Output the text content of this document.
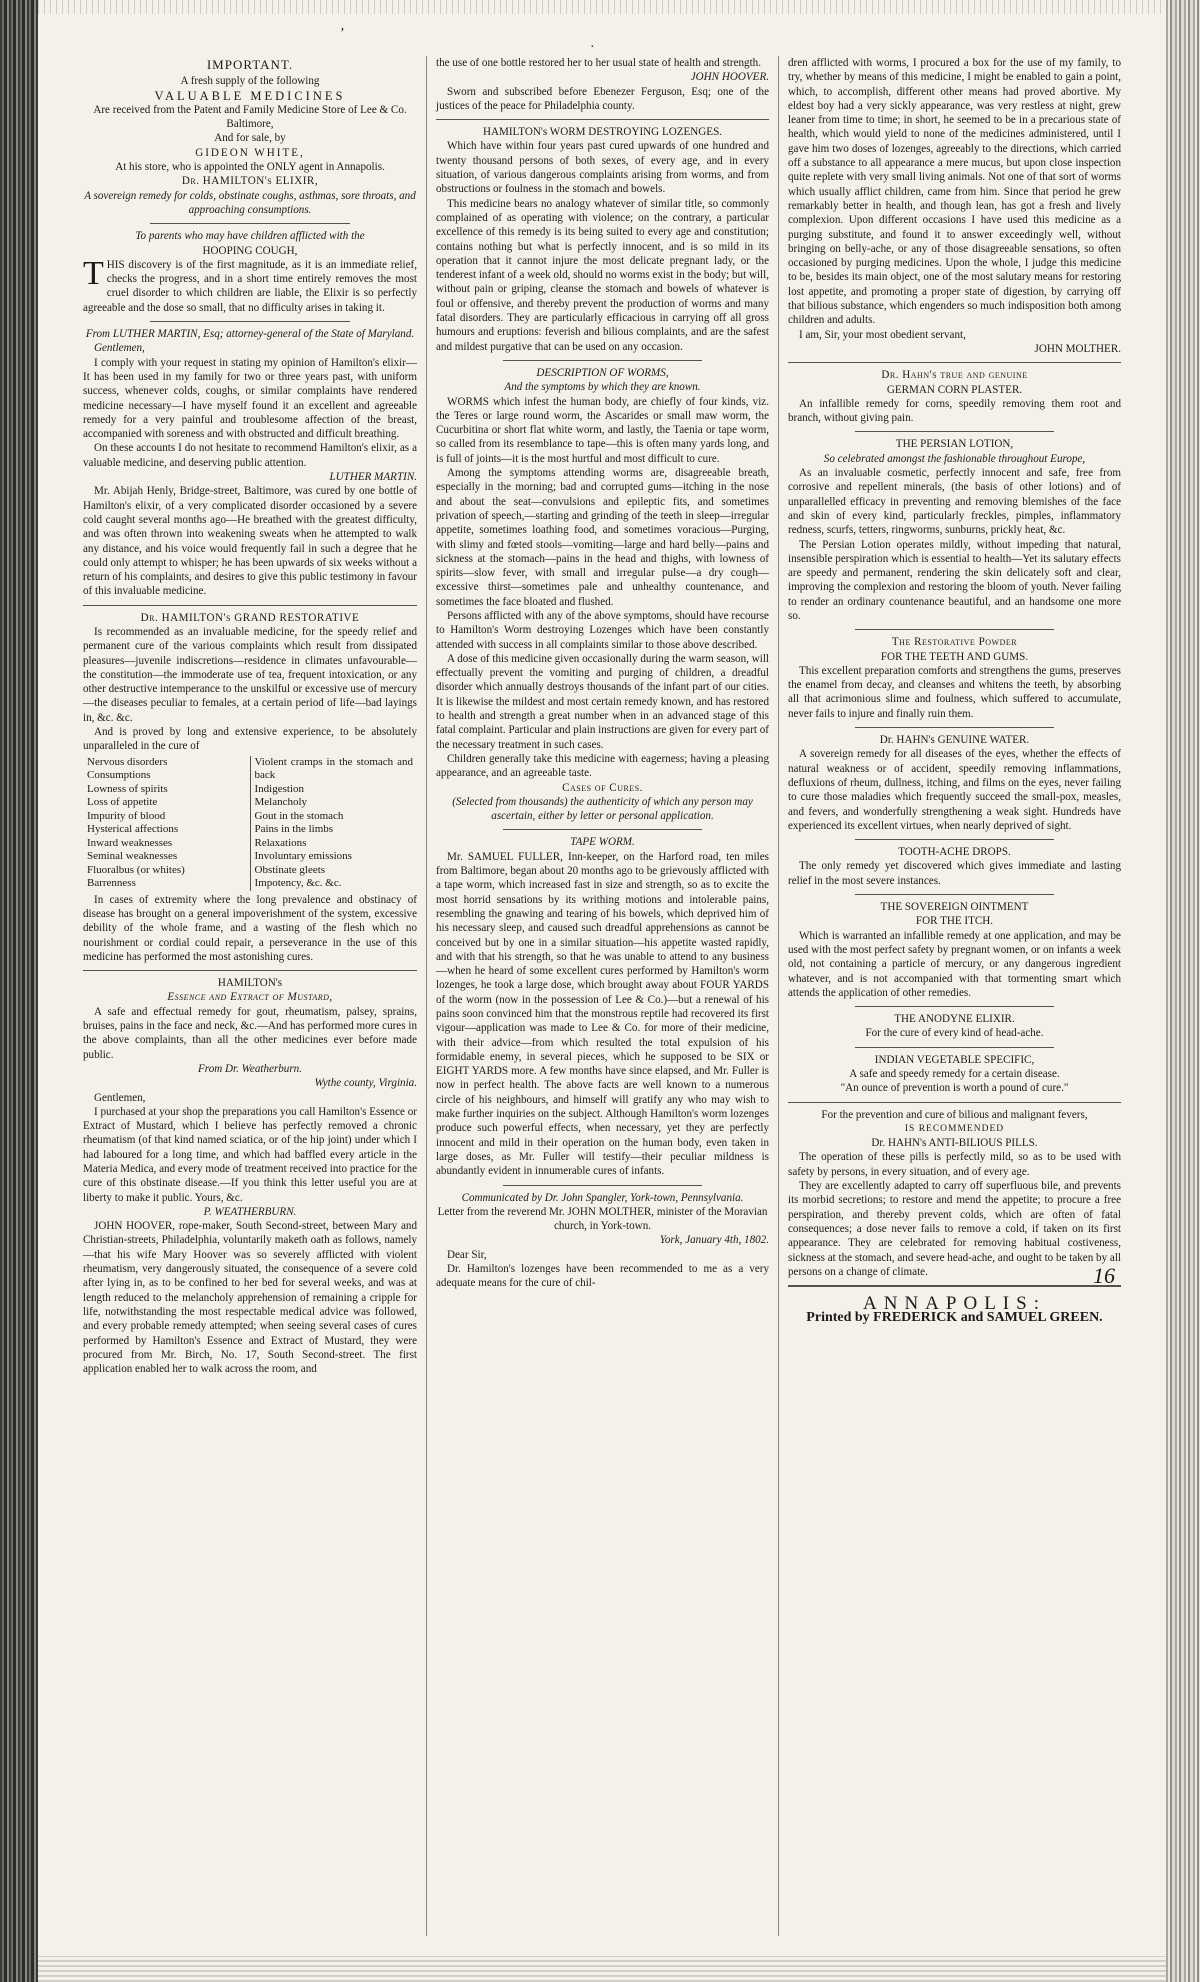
ʼ
·
IMPORTANT.

A fresh supply of the following

VALUABLE MEDICINES

Are received from the Patent and Family Medicine Store of Lee & Co. Baltimore,

And for sale, by

GIDEON WHITE,

At his store, who is appointed the ONLY agent in Annapolis.

Dr. HAMILTON's ELIXIR,

A sovereign remedy for colds, obstinate coughs, asthmas, sore throats, and approaching consumptions.

To parents who may have children afflicted with the

HOOPING COUGH,

THIS discovery is of the first magnitude, as it is an immediate relief, checks the progress, and in a short time entirely removes the most cruel disorder to which children are liable, the Elixir is so perfectly agreeable and the dose so small, that no difficulty arises in taking it.

From LUTHER MARTIN, Esq; attorney-general of the State of Maryland.

Gentlemen,

I comply with your request in stating my opinion of Hamilton's elixir—It has been used in my family for two or three years past, with uniform success, whenever colds, coughs, or similar complaints have rendered medicine necessary—I have myself found it an excellent and agreeable remedy for a very painful and troublesome affection of the breast, accompanied with soreness and with obstructed and difficult breathing.

On these accounts I do not hesitate to recommend Hamilton's elixir, as a valuable medicine, and deserving public attention.

LUTHER MARTIN.

Mr. Abijah Henly, Bridge-street, Baltimore, was cured by one bottle of Hamilton's elixir, of a very complicated disorder occasioned by a severe cold caught several months ago—He breathed with the greatest difficulty, and was often thrown into weakening sweats when he attempted to walk any distance, and his voice would frequently fail in such a degree that he could only attempt to whisper; he has been upwards of six weeks without a return of his complaints, and desires to give this public testimony in favour of this invaluable medicine.

Dr. HAMILTON's GRAND RESTORATIVE

Is recommended as an invaluable medicine, for the speedy relief and permanent cure of the various complaints which result from dissipated pleasures—juvenile indiscretions—residence in climates unfavourable—the constitution—the immoderate use of tea, frequent intoxication, or any other destructive intemperance to the unskilful or excessive use of mercury—the diseases peculiar to females, at a certain period of life—bad layings in, &c. &c.

And is proved by long and extensive experience, to be absolutely unparalleled in the cure of

Nervous disorders
Consumptions
Lowness of spirits
Loss of appetite
Impurity of blood
Hysterical affections
Inward weaknesses
Seminal weaknesses
Fluoralbus (or whites)
Barrenness
Violent cramps in the stomach and back
Indigestion
Melancholy
Gout in the stomach
Pains in the limbs
Relaxations
Involuntary emissions
Obstinate gleets
Impotency, &c. &c.

In cases of extremity where the long prevalence and obstinacy of disease has brought on a general impoverishment of the system, excessive debility of the whole frame, and a wasting of the flesh which no nourishment or cordial could repair, a perseverance in the use of this medicine has performed the most astonishing cures.

HAMILTON's

Essence and Extract of Mustard,

A safe and effectual remedy for gout, rheumatism, palsey, sprains, bruises, pains in the face and neck, &c.—And has performed more cures in the above complaints, than all the other medicines ever before made public.

From Dr. Weatherburn.

Wythe county, Virginia.

Gentlemen,

I purchased at your shop the preparations you call Hamilton's Essence or Extract of Mustard, which I believe has perfectly removed a chronic rheumatism (of that kind named sciatica, or of the hip joint) under which I had laboured for a long time, and which had baffled every article in the Materia Medica, and every mode of treatment received into practice for the cure of this obstinate disease.—If you think this letter useful you are at liberty to make it public. Yours, &c.

P. WEATHERBURN.

JOHN HOOVER, rope-maker, South Second-street, between Mary and Christian-streets, Philadelphia, voluntarily maketh oath as follows, namely—that his wife Mary Hoover was so severely afflicted with violent rheumatism, very dangerously situated, the consequence of a severe cold after lying in, as to be confined to her bed for several weeks, and was at length reduced to the melancholy apprehension of remaining a cripple for life, notwithstanding the most respectable medical advice was followed, and every probable remedy attempted; when seeing several cases of cures performed by Hamilton's Essence and Extract of Mustard, they were procured from Mr. Birch, No. 17, South Second-street. The first application enabled her to walk across the room, and

the use of one bottle restored her to her usual state of health and strength.

JOHN HOOVER.

Sworn and subscribed before Ebenezer Ferguson, Esq; one of the justices of the peace for Philadelphia county.

HAMILTON's WORM DESTROYING LOZENGES.

Which have within four years past cured upwards of one hundred and twenty thousand persons of both sexes, of every age, and in every situation, of various dangerous complaints arising from worms, and from obstructions or foulness in the stomach and bowels.

This medicine bears no analogy whatever of similar title, so commonly complained of as operating with violence; on the contrary, a particular excellence of this remedy is its being suited to every age and constitution; contains nothing but what is perfectly innocent, and is so mild in its operation that it cannot injure the most delicate pregnant lady, or the tenderest infant of a week old, should no worms exist in the body; but will, without pain or griping, cleanse the stomach and bowels of whatever is foul or offensive, and thereby prevent the production of worms and many fatal disorders. They are particularly efficacious in carrying off all gross humours and eruptions: feverish and bilious complaints, and are the safest and mildest purgative that can be used on any occasion.

DESCRIPTION OF WORMS,

And the symptoms by which they are known.

WORMS which infest the human body, are chiefly of four kinds, viz. the Teres or large round worm, the Ascarides or small maw worm, the Cucurbitina or short flat white worm, and lastly, the Taenia or tape worm, so called from its resemblance to tape—this is often many yards long, and is full of joints—it is the most hurtful and most difficult to cure.

Among the symptoms attending worms are, disagreeable breath, especially in the morning; bad and corrupted gums—itching in the nose and about the seat—convulsions and epileptic fits, and sometimes privation of speech,—starting and grinding of the teeth in sleep—irregular appetite, sometimes loathing food, and sometimes voracious—Purging, with slimy and fœted stools—vomiting—large and hard belly—pains and sickness at the stomach—pains in the head and thighs, with lowness of spirits—slow fever, with small and irregular pulse—a dry cough—excessive thirst—sometimes pale and unhealthy countenance, and sometimes the face bloated and flushed.

Persons afflicted with any of the above symptoms, should have recourse to Hamilton's Worm destroying Lozenges which have been constantly attended with success in all complaints similar to those above described.

A dose of this medicine given occasionally during the warm season, will effectually prevent the vomiting and purging of children, a dreadful disorder which annually destroys thousands of the infant part of our cities. It is likewise the mildest and most certain remedy known, and has restored to health and strength a great number when in an advanced stage of this fatal complaint. Particular and plain instructions are given for every part of the necessary treatment in such cases.

Children generally take this medicine with eagerness; having a pleasing appearance, and an agreeable taste.

Cases of Cures.

(Selected from thousands) the authenticity of which any person may ascertain, either by letter or personal application.

TAPE WORM.

Mr. SAMUEL FULLER, Inn-keeper, on the Harford road, ten miles from Baltimore, began about 20 months ago to be grievously afflicted with a tape worm, which increased fast in size and strength, so as to excite the most horrid sensations by its writhing motions and intolerable pains, resembling the gnawing and tearing of his bowels, which deprived him of his necessary sleep, and caused such dreadful apprehensions as cannot be conceived but by one in a similar situation—his appetite wasted rapidly, and with that his strength, so that he was unable to attend to any business—when he heard of some excellent cures performed by Hamilton's worm lozenges, he took a large dose, which brought away about FOUR YARDS of the worm (now in the possession of Lee & Co.)—but a renewal of his pains soon convinced him that the monstrous reptile had recovered its first vigour—application was made to Lee & Co. for more of their medicine, with their advice—from which resulted the total expulsion of his formidable enemy, in several pieces, which he supposed to be SIX or EIGHT YARDS more. A few months have since elapsed, and Mr. Fuller is now in perfect health. The above facts are well known to a numerous circle of his neighbours, and himself will gratify any who may wish to make further inquiries on the subject. Although Hamilton's worm lozenges produce such powerful effects, when necessary, yet they are perfectly innocent and mild in their operation on the human body, even taken in large doses, as Mr. Fuller will testify—their peculiar mildness is abundantly evident in innumerable cures of infants.

Communicated by Dr. John Spangler, York-town, Pennsylvania.

Letter from the reverend Mr. JOHN MOLTHER, minister of the Moravian church, in York-town.

York, January 4th, 1802.

Dear Sir,

Dr. Hamilton's lozenges have been recommended to me as a very adequate means for the cure of chil-

dren afflicted with worms, I procured a box for the use of my family, to try, whether by means of this medicine, I might be enabled to gain a point, which, to accomplish, different other means had proved abortive. My eldest boy had a very sickly appearance, was very restless at night, grew leaner from time to time; in short, he seemed to be in a precarious state of health, which would yield to none of the medicines administered, until I gave him two doses of lozenges, agreeably to the directions, which carried off a substance to all appearance a mere mucus, but upon close inspection quite replete with very small living animals. Not one of that sort of worms which usually afflict children, came from him. Since that period he grew remarkably better in health, and though lean, has got a fresh and lively complexion. Upon different occasions I have used this medicine as a purging substitute, and found it to answer exceedingly well, without bringing on belly-ache, or any of those disagreeable sensations, so often occasioned by purging medicines. Upon the whole, I judge this medicine to be, besides its main object, one of the most salutary means for restoring lost appetite, and promoting a proper state of digestion, by carrying off that bilious substance, which engenders so much indisposition both among children and adults.

I am, Sir, your most obedient servant,

JOHN MOLTHER.

Dr. Hahn's true and genuine

GERMAN CORN PLASTER.

An infallible remedy for corns, speedily removing them root and branch, without giving pain.

THE PERSIAN LOTION,

So celebrated amongst the fashionable throughout Europe,

As an invaluable cosmetic, perfectly innocent and safe, free from corrosive and repellent minerals, (the basis of other lotions) and of unparallelled efficacy in preventing and removing blemishes of the face and skin of every kind, particularly freckles, pimples, inflammatory redness, scurfs, tetters, ringworms, sunburns, prickly heat, &c.

The Persian Lotion operates mildly, without impeding that natural, insensible perspiration which is essential to health—Yet its salutary effects are speedy and permanent, rendering the skin delicately soft and clear, improving the complexion and restoring the bloom of youth. Never failing to render an ordinary countenance beautiful, and an handsome one more so.

The Restorative Powder

FOR THE TEETH AND GUMS.

This excellent preparation comforts and strengthens the gums, preserves the enamel from decay, and cleanses and whitens the teeth, by absorbing all that acrimonious slime and foulness, which suffered to accumulate, never fails to injure and finally ruin them.

Dr. HAHN's GENUINE WATER.

A sovereign remedy for all diseases of the eyes, whether the effects of natural weakness or of accident, speedily removing inflammations, defluxions of rheum, dullness, itching, and films on the eyes, never failing to cure those maladies which frequently succeed the small-pox, measles, and fevers, and wonderfully strengthening a weak sight. Hundreds have experienced its excellent virtues, when nearly deprived of sight.

TOOTH-ACHE DROPS.

The only remedy yet discovered which gives immediate and lasting relief in the most severe instances.

THE SOVEREIGN OINTMENT

FOR THE ITCH.

Which is warranted an infallible remedy at one application, and may be used with the most perfect safety by pregnant women, or on infants a week old, not containing a particle of mercury, or any dangerous ingredient whatever, and is not accompanied with that tormenting smart which attends the application of other remedies.

THE ANODYNE ELIXIR.

For the cure of every kind of head-ache.

INDIAN VEGETABLE SPECIFIC,

A safe and speedy remedy for a certain disease.

"An ounce of prevention is worth a pound of cure."

For the prevention and cure of bilious and malignant fevers,

IS RECOMMENDED

Dr. HAHN's ANTI-BILIOUS PILLS.

The operation of these pills is perfectly mild, so as to be used with safety by persons, in every situation, and of every age.

They are excellently adapted to carry off superfluous bile, and prevents its morbid secretions; to restore and mend the appetite; to procure a free perspiration, and thereby prevent colds, which are often of fatal consequences; a dose never fails to remove a cold, if taken on its first appearance. They are celebrated for removing habitual costiveness, sickness at the stomach, and severe head-ache, and ought to be taken by all persons on a change of climate.	16
ANNAPOLIS:
Printed by FREDERICK and SAMUEL GREEN.
